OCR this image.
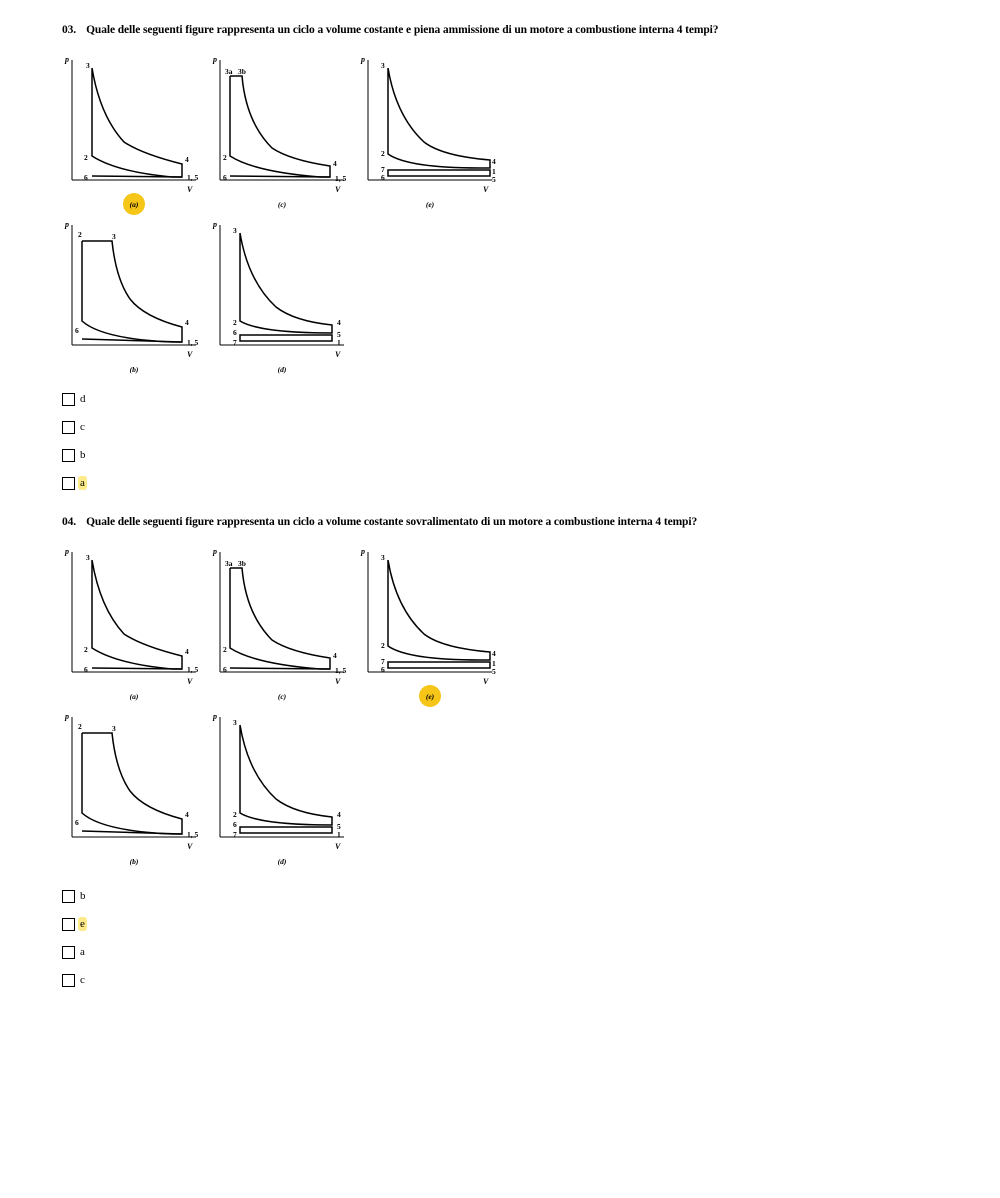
03. Quale delle seguenti figure rappresenta un ciclo a volume costante e piena ammissione di un motore a combustione interna 4 tempi?
p
V
3
2
6
4
1, 5
(a)
p
V
3a 3b
2
6
4
1, 5
(c)
p
V
3
2
7
6
4
1
5
(e)
p
V
2	3
6
4
1, 5
(b)
p
V
3
2
6
7
4
5
1
(d)
d
c
b
a
04. Quale delle seguenti figure rappresenta un ciclo a volume costante sovralimentato di un motore a combustione interna 4 tempi?
p
V
3
2
6
4
1, 5
(a)
p
V
3a 3b
2
6
4
1, 5
(c)
p
V
3
2
7
6
4
1
5
(e)
p
V
2	3
6
4
1, 5
(b)
p
V
3
2
6
7
4
5
1
(d)
b
e
a
c
